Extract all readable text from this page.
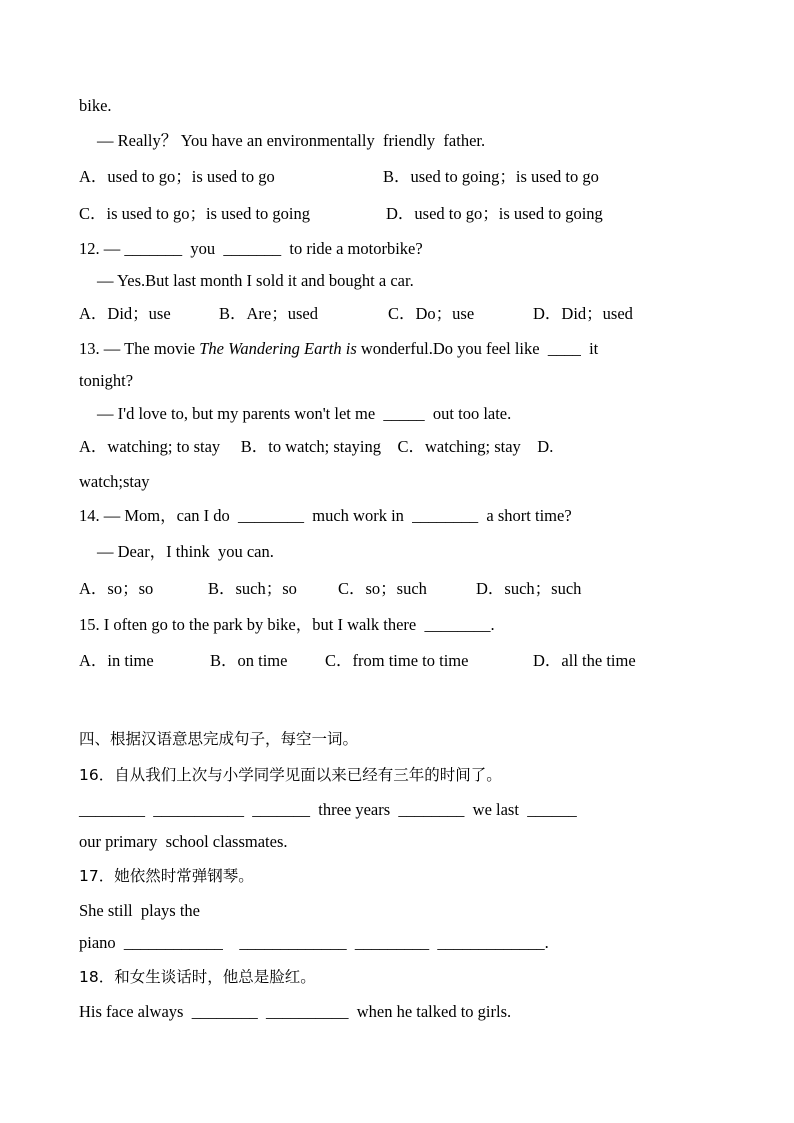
bike.
— Really？ You have an environmentally  friendly  father.
A．used to go；is used to go	B．used to going；is used to go
C．is used to go；is used to going	D．used to go；is used to going
12. — _______  you  _______  to ride a motorbike?
— Yes.But last month I sold it and bought a car.
A．Did；use	B．Are；used	C．Do；use	D．Did；used
13. — The movie The Wandering Earth is wonderful.Do you feel like  ____  it
tonight?
— I'd love to, but my parents won't let me  _____  out too late.
A．watching; to stay     B．to watch; staying    C．watching; stay    D.
watch;stay
14. — Mom，can I do  ________  much work in  ________  a short time?
— Dear，I think  you can.
A．so；so	B．such；so C．so；such	D．such；such
15. I often go to the park by bike，but I walk there  ________.
A．in time	B．on time C．from time to time	D．all the time
四、根据汉语意思完成句子，每空一词。
16．自从我们上次与小学同学见面以来已经有三年的时间了。
________  ___________  _______  three years  ________  we last  ______
our primary  school classmates.
17．她依然时常弹钢琴。
She still  plays the
piano  ____________    _____________  _________  _____________.
18．和女生谈话时，他总是脸红。
His face always  ________  __________  when he talked to girls.
